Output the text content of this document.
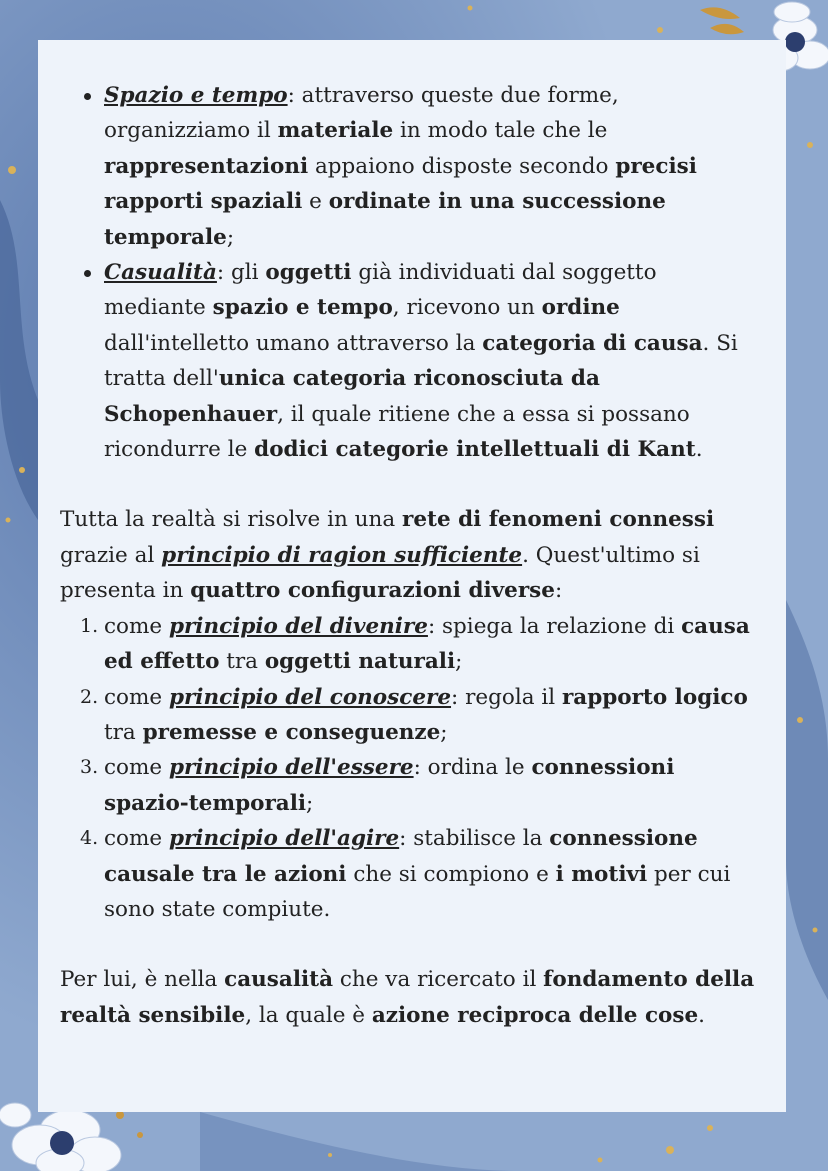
Spazio e tempo: attraverso queste due forme, organizziamo il materiale in modo tale che le rappresentazioni appaiono disposte secondo precisi rapporti spaziali e ordinate in una successione temporale;
Casualità: gli oggetti già individuati dal soggetto mediante spazio e tempo, ricevono un ordine dall'intelletto umano attraverso la categoria di causa. Si tratta dell'unica categoria riconosciuta da Schopenhauer, il quale ritiene che a essa si possano ricondurre le dodici categorie intellettuali di Kant.

Tutta la realtà si risolve in una rete di fenomeni connessi grazie al principio di ragion sufficiente. Quest'ultimo si presenta in quattro configurazioni diverse:

1. come principio del divenire: spiega la relazione di causa ed effetto tra oggetti naturali;
2. come principio del conoscere: regola il rapporto logico tra premesse e conseguenze;
3. come principio dell'essere: ordina le connessioni spazio-temporali;
4. come principio dell'agire: stabilisce la connessione causale tra le azioni che si compiono e i motivi per cui sono state compiute.

Per lui, è nella causalità che va ricercato il fondamento della realtà sensibile, la quale è azione reciproca delle cose.
